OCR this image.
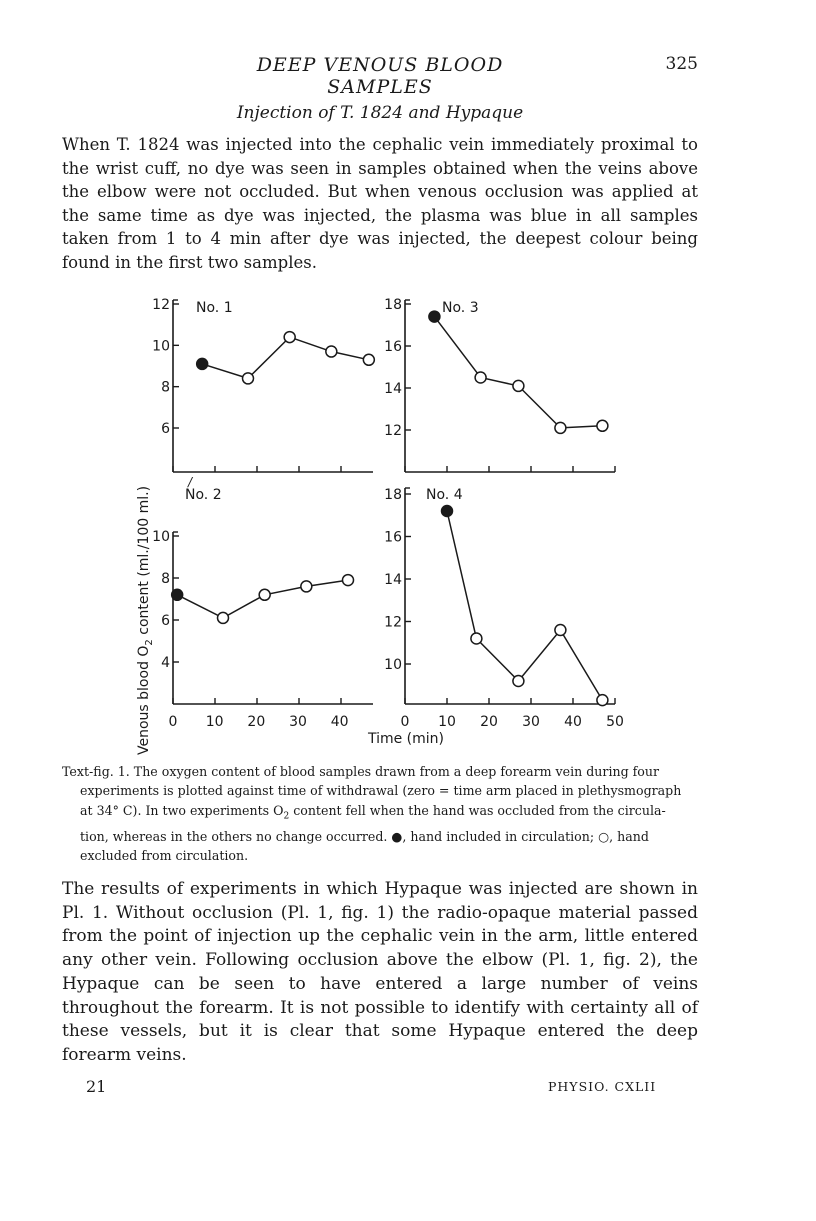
DEEP VENOUS BLOOD SAMPLES
325
Injection of T. 1824 and Hypaque

When T. 1824 was injected into the cephalic vein immediately proximal to the wrist cuff, no dye was seen in samples obtained when the veins above the elbow were not occluded. But when venous occlusion was applied at the same time as dye was injected, the plasma was blue in all samples taken from 1 to 4 min after dye was injected, the deepest colour being found in the first two samples.

Venous blood $O_2$ content (ml./100 ml.)
/
Time (min)
6
8
10
12 No. 1
4
6
8
10
0 10 20 30 40
No. 2
12
14
16
18	No. 3
10
12
14
16
18
0 10 20 30 40 50
No. 4
Text-fig. 1. The oxygen content of blood samples drawn from a deep forearm vein during four
experiments is plotted against time of withdrawal (zero = time arm placed in plethysmograph
at 34° C). In two experiments $O_2$ content fell when the hand was occluded from the circula-
tion, whereas in the others no change occurred. ●, hand included in circulation; ○, hand
excluded from circulation.

The results of experiments in which Hypaque was injected are shown in Pl. 1. Without occlusion (Pl. 1, fig. 1) the radio-opaque material passed from the point of injection up the cephalic vein in the arm, little entered any other vein. Following occlusion above the elbow (Pl. 1, fig. 2), the Hypaque can be seen to have entered a large number of veins throughout the forearm. It is not possible to identify with certainty all of these vessels, but it is clear that some Hypaque entered the deep forearm veins.

21	PHYSIO. CXLII
